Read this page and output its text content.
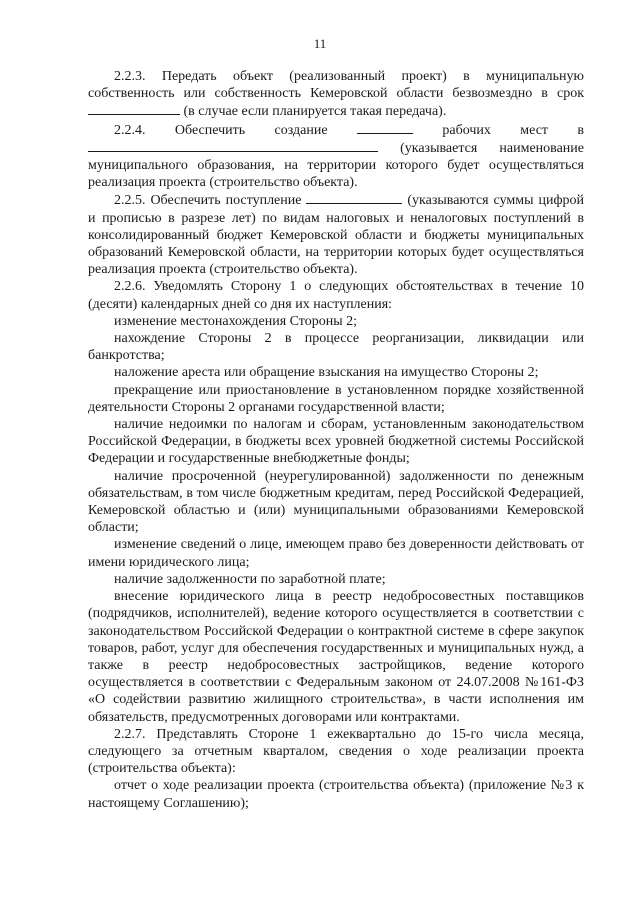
11

2.2.3. Передать объект (реализованный проект) в муниципальную собственность или собственность Кемеровской области безвозмездно в срок  (в случае если планируется такая передача).

2.2.4. Обеспечить создание	рабочих мест в  (указывается наименование муниципального образования, на территории которого будет осуществляться реализация проекта (строительство объекта).

2.2.5. Обеспечить поступление	(указываются суммы цифрой и прописью в разрезе лет) по видам налоговых и неналоговых поступлений в консолидированный бюджет Кемеровской области и бюджеты муниципальных образований Кемеровской области, на территории которых будет осуществляться реализация проекта (строительство объекта).

2.2.6. Уведомлять Сторону 1 о следующих обстоятельствах в течение 10 (десяти) календарных дней со дня их наступления:

изменение местонахождения Стороны 2;

нахождение Стороны 2 в процессе реорганизации, ликвидации или банкротства;

наложение ареста или обращение взыскания на имущество Стороны 2;

прекращение или приостановление в установленном порядке хозяйственной деятельности Стороны 2 органами государственной власти;

наличие недоимки по налогам и сборам, установленным законодательством Российской Федерации, в бюджеты всех уровней бюджетной системы Российской Федерации и государственные внебюджетные фонды;

наличие просроченной (неурегулированной) задолженности по денежным обязательствам, в том числе бюджетным кредитам, перед Российской Федерацией, Кемеровской областью и (или) муниципальными образованиями Кемеровской области;

изменение сведений о лице, имеющем право без доверенности действовать от имени юридического лица;

наличие задолженности по заработной плате;

внесение юридического лица в реестр недобросовестных поставщиков (подрядчиков, исполнителей), ведение которого осуществляется в соответствии с законодательством Российской Федерации о контрактной системе в сфере закупок товаров, работ, услуг для обеспечения государственных и муниципальных нужд, а также в реестр недобросовестных застройщиков, ведение которого осуществляется в соответствии с Федеральным законом от 24.07.2008 №161-ФЗ «О содействии развитию жилищного строительства», в части исполнения им обязательств, предусмотренных договорами или контрактами.

2.2.7. Представлять Стороне 1 ежеквартально до 15-го числа месяца, следующего за отчетным кварталом, сведения о ходе реализации проекта (строительства объекта):

отчет о ходе реализации проекта (строительства объекта) (приложение №3 к настоящему Соглашению);
